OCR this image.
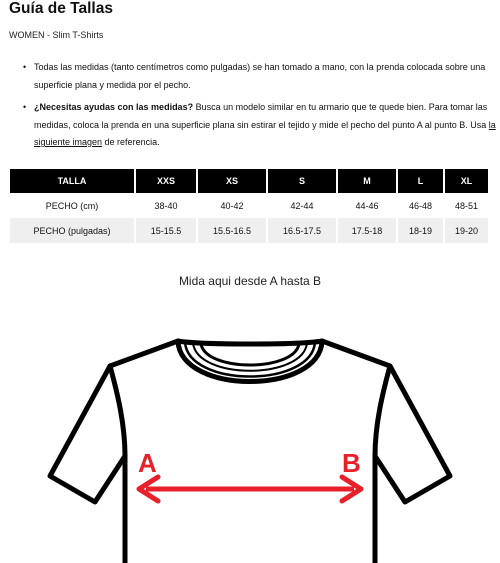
Guía de Tallas
WOMEN - Slim T-Shirts
• Todas las medidas (tanto centímetros como pulgadas) se han tomado a mano, con la prenda colocada sobre una superficie plana y medida por el pecho.
• ¿Necesitas ayudas con las medidas? Busca un modelo similar en tu armario que te quede bien. Para tomar las medidas, coloca la prenda en una superficie plana sin estirar el tejido y mide el pecho del punto A al punto B. Usa la siguiente imagen de referencia.
TALLA	XXS	XS	S	M	L	XL
PECHO (cm)	38-40	40-42	42-44	44-46	46-48	48-51
PECHO (pulgadas)	15-15.5	15.5-16.5	16.5-17.5	17.5-18	18-19	19-20
Mida aqui desde A hasta B
A	B
